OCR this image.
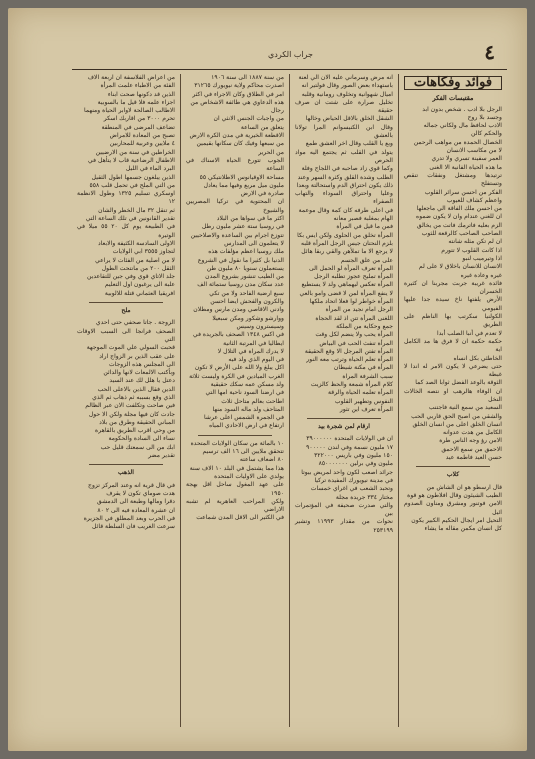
جراب الكردي	٤
فوائد وفكاهات
مقتبسات الفكر
الرجل بلا ادب . شخص بدون ابد
وجسد بلا روح
الادب لحافظ مال ولكاني جماله
والحكم كالن
الخصال الحمدة من مواهب الرحمن
لا من مكاسب الانسان
العمر سفينة تسري ولا تدري
ما هذه الحياة الفانية الا الغنى
ترتيدها ومشتغل ونفقات تنقص وتستفلح
الفكر من احسن سرائر القلوب
واعظم كشاف للعيوب
من احسن ملك الفاقة الي ماجعلها
ان للغني عندام وان لا يكون ضموه
الزم بعليه فاترمك فاتت من يخالق
الصاحب الصاحب كالرقعة للثوب
ان لم تكن مثله شانته
اذا كانت القلوب لا تتورم
اذا وتيرميب لنبو
الانسان للانسان باخلاق لا على لم
غيره وعادة غيره
فائدة غريبة جربت مجربنا ان كثيرة الخسران
الأرض يلفتها ناخ سيدة جدا عليها الفيومي
الكولنيا سكرتب بها الناظم على الطريق
لا تعدم في أنبا الصلب أبدا
حكمة حكمة ان لا فرق ها مد الكامل اية
الخاطئي بكل انساه
حتى يضرعي لا يكون الامر له اندا لا غبطة
الثوقة بالوعد الفضل ثوابا الصد كما
ان الوفاء هالرهب او نتصه الخالات النخل
السعيد من سمع النية فاجتنب
والشقي من اصبح الحق قاربي الحب
انسان الخلق اعلى من انسان الخلق
الكامل من هدت عدوانه
الامن رؤ وجه الناس طرة
الاحمق من سمع الاحمق
حسن العيد فاطمة عيد
كلاب
قال ارسطو هو ان الشاش من
الطيب الشيئون وقال افلاطون هو قوة
الامن فوتنور ومشرق ومناون الصدوم ائيل
التحيل امر ايجال الحكيم الكبير يكون
كل انسان مكمن مقاله ما يشاء
انه مرض وسرماني عليه الان الي لعنة
باستهداء بعض الصور وقال فولتير انه
اميال شهوانية وتخلوف رومانية وقلبه
تخليل صرارة على شتت ان صرف حقيقة
الشقل الخلق بالاقل الحياض وخالها
وقال ابن الكنيسوانم المرا تولانا بالعشق
وبع يا القلب وقال اخر العشق طمع
يتولد في القلب ثم يجتمع اليه مواد الحرص
وكما قوي زاد صاحبه في اللجاج وفلة
الطلب وشدة القلق وكثرة السهر وعند
ذلك يكون احتراق الدم واستحالتة وبعدا
وعليا واحتراق السوداء والتهاب الصفراء
في اعلى طرفه كان كمة وقال موعمة
الهام بمغلبة فصبر معانه
فمن ما قيل في المرأة
المرأة تخلق من الحلوى ولكن ايس بكا
بلزم النحتان جيس الرجل المرأة قلبه
لا يرجع الا ما تملأهن والقي ربقا هائل
على من علق الجسم
المرأة تعرف المرأة لو الحمل الى
المرأة تمليح عجوز تطلبه الرجل
المرأة تعكس ليهماهي ولد لا يستطيع
لا ينفع المرأة لمن لا قضى وامو بالعي
المرأة خواطر لوا فعلا اتحاد ملكها
الرجل امام نجيد من المرأة
اللغنى المرأة تتن اذ لقد الحجاة
جمع وحكاية من الملكة
المرأة يحب ولا ينضم لكل وقت
المرأة تنفث الحب في البياض
المرأة تفتن المرجل الا وقع الحقيقة
المرأة تعلم الحياة وترتب معه النور
المرأة في مكنة شيطان
سبب الشرفة المراة
كلام المرأة شمعة والحظ كالزيت
المرأة تعلمه الحياة والرقة
النفوس وتطهير القلوب
المرأة تعرف اين تثور
ارقام لمن شجرة بيد
ان في الولايات المتحدة ٣٩٠٠٠٠٠٠
١٧ مليون نسمة وفي لندن ٩٠٠٠٠٠
١٥٠ مليون وفي باريس ٣٢٢٠٠٠
مليون وفي برلين ٨٥٠٠٠٠٠٠٠
جرائد اصعب لكون واحد لمريض بيوتا
في مدينة نيويورك المفيدة تركيا
وتحبد الشعب في اغراي خمسات
مختار ٣٣٤ جريدة مجلة
والتي صدرت صحيفة في المؤتمرات بين
نحوات من مقدار ١١٩٩٣ وتشير ٢٥٣١٩٩
من سنة ١٨٨٧ الى سنة ١٩٠٦
اصدرت محاكم ولاية نيويورك ٣١٢٦٥
امر في الطلاق وكان الاجراء في اكثر
هذه الدعاوي هي طائفة الاشخاص من
رجال
من واجبات الجنس الانثي ان
يتعلق من الساعة
الاقطعة الخيرية في مدن الكرة الارض
من سبعها وفيك كان سكانها بقيمين
من الحرير
الجوب تتورع الحياة الاسناك في الساعة
مساحة الاوقيانوس الاطلانتيكي ٥٥
مليون ميل مربع وفيها مما يعادل
صادرة في الارض
ان المحتوية في تركيا المصريين والشيوخ
اكثر ما في سواها من البلاد
في روسيا ستة عشر مليون رطل
تتوزع اجرام بين الساعدة والاصلاحيين
لا يتعلمون الى المدارس
ملك روسيا اعظم مؤلفات هذه
الدنيا بل كثيرا ما نقول في الشروع
يستعملون سنويا ٨٠ مليون طن
من الطيب تنشور بشروع المدن
عدد سكان مدن روسيا ستمائة الف
سبع ارضية الفاحد ولا من تكي
والكرون والفحش ايضا احسن
وادني الاقاصي ومدن مارس ومطلان
ووارشو وشكور ومكن سبعيلا
وسيسترون وسيس
في اكس ١٣٤٨ الصحف بالجريدة في
ايطاليا في المرتبة الثانية
لا يدرك المراة في التلال لا
في اليوم الذي ولد فيه
اكل يبلغ ولا الله على الأرض لا تكون
الغرب الميادين في الكرة وليست ثلاثة
ولد مسكن عمه سكك حقيقية
في ارضنا السود ناحية امها التي
اطاحت بعالم متاحل ثلاث
المتاحف ولد ماله السود منها
في الجمرة الشمس اعلى عرشا
ارتفاع في ارض الاحادي المياه
١٠ بالمائة من سكان الولايات المتحدة
تتحقق ملايين الى ١٦ الف ترسيم
٨٠ اضعاف ساعته
هذا مما يشتمل في البلد ١٠ الاف سنة
يولدي على الاوليات المتحدة
على عهد المغول ساحل اقل بهجة ١٩٥٠
ولكن المراحب العاهرية لم تشبه الاراضي
في الكثير الى الاقل المدن شماعت
من اعراض الفلاسفة ان اربعة الاف
الفئة من الاطباء علمت المرأة
الذين قد دكونها صحت ابناء
اجزاء علمه فلا قيل ما بالسوبية
الاطالب الصالحة لاوابر الحياة ومنهما
تحرم ٣٠٠٠ من اقاربك اسكر
تضاعف المرضى في المنطقة
تصبح من المعادة للامراض
٤ ملايين وعربية للمحاربين
الخراطين في سنة من الارضيين
الاطفال الرضاعية قاب لا يتأهل في
البرد الماء في الليل
الذين يبلغون جسمها اطول الثقيل
من التي الملح في تحمل قلب ٥٥٨
اوسكري تسليم ١٣٢٥ وطول الانظمة ١٢
ثم تنقل ٣٢ مال الخطر والشان
تقدير القانونين في تلك الساعة التي
في الطبيعة يوم كل ٢٠ ٥٥ ميلا في الوتيرة
الاولى السادسة الكثيفة والابعاد
لتجاوز ٣٥٥٥ ابي الولايات
لا من اصلية من الفئات لا يراعي
الثقل ٢٠٠ من مانتحت الطول
جلد الاتاي قوي وفي جين للتقاعدين
علبة الى يرغبون اول التعليم
افريقيا العثماني قتلة للالوبية
ملح
الزوجة . جاتا صحفي حتى احدي
الصحف فرانجا الى السبب الاوقات التي
قحبت السولي علي الموت الموجهة
على عقب الذين بر الزواج اراد
الى المجلس هذه الزوجات
وبأكتب الالمعات لانها والدائن
دعتل يا هلل لك عند السيد
الدين فقال الذين بالاعلى الحب
الذي وقع بسببه ثم ذهاب ثم الذي
فين صاحت وتكلفت الان عبر الظالم
جادت كان فيها مجلة ولكن الا حول
المباني الحقيقة وطرق من بلاد
من وحي اقرب الطريق بالقاهرة
نساء الى السادة والحكومة
ابك من الى سمعتك قليل حب
تقدير مضر
الذهب
في قال قرية انه وعند المركز تزوج
هدت صوماي تكون لا يقرف
دقرا ومالها وطبعة الى الدمشق
ان عشرة المعادة فيه الى ٢ ٨٠
في الحرب وبعد المطلق في الجزيرة
سرعت الغريب فان السلطة قائل
